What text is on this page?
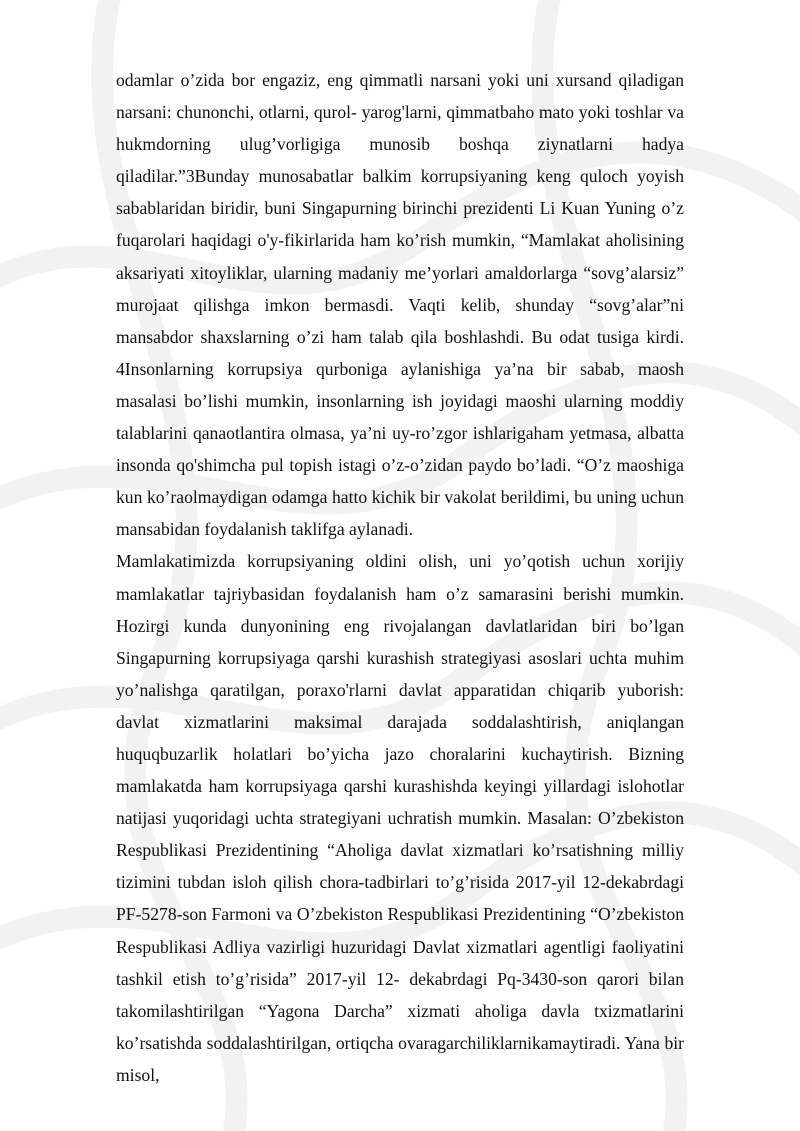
odamlar o’zida bor engaziz, eng qimmatli narsani yoki uni xursand qiladigan narsani: chunonchi, otlarni, qurol- yarog'larni, qimmatbaho mato yoki toshlar va hukmdorning ulug’vorligiga munosib boshqa ziynatlarni hadya qiladilar.”3Bunday munosabatlar balkim korrupsiyaning keng quloch yoyish sabablaridan biridir, buni Singapurning birinchi prezidenti Li Kuan Yuning o’z fuqarolari haqidagi o'y-fikirlarida ham ko’rish mumkin, “Mamlakat aholisining aksariyati xitoyliklar, ularning madaniy me’yorlari amaldorlarga “sovg’alarsiz” murojaat qilishga imkon bermasdi. Vaqti kelib, shunday “sovg’alar”ni mansabdor shaxslarning o’zi ham talab qila boshlashdi. Bu odat tusiga kirdi. 4Insonlarning korrupsiya qurboniga aylanishiga ya’na bir sabab, maosh masalasi bo’lishi mumkin, insonlarning ish joyidagi maoshi ularning moddiy talablarini qanaotlantira olmasa, ya’ni uy-ro’zgor ishlarigaham yetmasa, albatta insonda qo'shimcha pul topish istagi o’z-o’zidan paydo bo’ladi. “O’z maoshiga kun ko’raolmaydigan odamga hatto kichik bir vakolat berildimi, bu uning uchun mansabidan foydalanish taklifga aylanadi.

Mamlakatimizda korrupsiyaning oldini olish, uni yo’qotish uchun xorijiy mamlakatlar tajriybasidan foydalanish ham o’z samarasini berishi mumkin. Hozirgi kunda dunyonining eng rivojalangan davlatlaridan biri bo’lgan Singapurning korrupsiyaga qarshi kurashish strategiyasi asoslari uchta muhim yo’nalishga qaratilgan, poraxo'rlarni davlat apparatidan chiqarib yuborish: davlat xizmatlarini maksimal darajada soddalashtirish, aniqlangan huquqbuzarlik holatlari bo’yicha jazo choralarini kuchaytirish. Bizning mamlakatda ham korrupsiyaga qarshi kurashishda keyingi yillardagi islohotlar natijasi yuqoridagi uchta strategiyani uchratish mumkin. Masalan: O’zbekiston Respublikasi Prezidentining “Aholiga davlat xizmatlari ko’rsatishning milliy tizimini tubdan isloh qilish chora-tadbirlari to’g’risida 2017-yil 12-dekabrdagi PF-5278-son Farmoni va O’zbekiston Respublikasi Prezidentining “O’zbekiston Respublikasi Adliya vazirligi huzuridagi Davlat xizmatlari agentligi faoliyatini tashkil etish to’g’risida” 2017-yil 12- dekabrdagi Pq-3430-son qarori bilan takomilashtirilgan “Yagona Darcha” xizmati aholiga davla txizmatlarini ko’rsatishda soddalashtirilgan, ortiqcha ovaragarchiliklarnikamaytiradi. Yana bir misol,
